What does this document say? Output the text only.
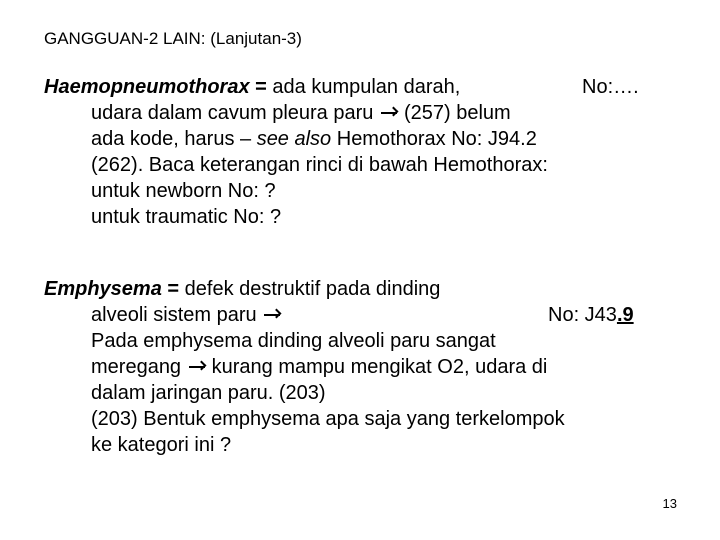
GANGGUAN-2 LAIN: (Lanjutan-3)
Haemopneumothorax = ada kumpulan darah,	No:….
udara dalam cavum pleura paru
(257) belum
ada kode, harus – see also Hemothorax No: J94.2
(262). Baca keterangan rinci di bawah Hemothorax:
untuk newborn No: ?
untuk traumatic No: ?
Emphysema = defek destruktif pada dinding
alveoli sistem paru	No: J43.9
Pada emphysema dinding alveoli paru sangat
meregang
kurang mampu mengikat O2, udara di
dalam jaringan paru. (203)
(203) Bentuk emphysema apa saja yang terkelompok
ke kategori ini ?
13
